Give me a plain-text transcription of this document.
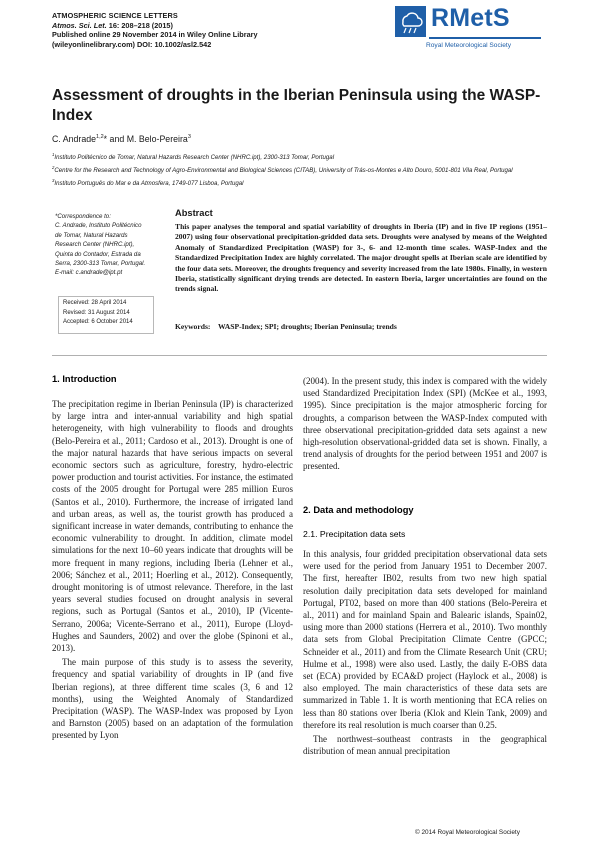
ATMOSPHERIC SCIENCE LETTERS
Atmos. Sci. Let. 16: 208–218 (2015)
Published online 29 November 2014 in Wiley Online Library
(wileyonlinelibrary.com) DOI: 10.1002/asl2.542
RMetS
Royal Meteorological Society
Assessment of droughts in the Iberian Peninsula using the WASP-Index
C. Andrade$^{1,2}$* and M. Belo-Pereira$^3$
$^1$Instituto Politécnico de Tomar, Natural Hazards Research Center (NHRC.ipt), 2300-313 Tomar, Portugal
$^2$Centre for the Research and Technology of Agro-Environmental and Biological Sciences (CITAB), University of Trás-os-Montes e Alto Douro, 5001-801 Vila Real, Portugal
$^3$Instituto Português do Mar e da Atmosfera, 1749-077 Lisboa, Portugal
*Correspondence to:
C. Andrade, Instituto Politécnico
de Tomar, Natural Hazards
Research Center (NHRC.ipt),
Quinta do Contador, Estrada da
Serra, 2300-313 Tomar, Portugal.
E-mail: c.andrade@ipt.pt
Received: 28 April 2014
Revised: 31 August 2014
Accepted: 6 October 2014
Abstract
This paper analyses the temporal and spatial variability of droughts in Iberia (IP) and in five IP regions (1951–2007) using four observational precipitation-gridded data sets. Droughts were analysed by means of the Weighted Anomaly of Standardized Precipitation (WASP) for 3-, 6- and 12-month time scales. WASP-Index and the Standardized Precipitation Index are highly correlated. The major drought spells at Iberian scale are identified by the four data sets. Moreover, the droughts frequency and severity increased from the late 1980s. Finally, in western Iberia, statistically significant drying trends are detected. In eastern Iberia, larger uncertainties are found on the trends signal.
Keywords: WASP-Index; SPI; droughts; Iberian Peninsula; trends
1. Introduction

The precipitation regime in Iberian Peninsula (IP) is characterized by large intra and inter-annual variability and high spatial heterogeneity, with high vulnerability to floods and droughts (Belo-Pereira et al., 2011; Cardoso et al., 2013). Drought is one of the major natural hazards that have serious impacts on several economic sectors such as agriculture, forestry, hydro-electric power production and tourist activities. For instance, the estimated costs of the 2005 drought for Portugal were 285 million Euros (Santos et al., 2010). Furthermore, the increase of irrigated land and urban areas, as well as, the tourist growth has produced a significant increase in water demands, contributing to enhance the economic vulnerability to drought. In addition, climate model simulations for the next 10–60 years indicate that droughts will be more frequent in many regions, including Iberia (Lehner et al., 2006; Sánchez et al., 2011; Hoerling et al., 2012). Consequently, drought monitoring is of utmost relevance. Therefore, in the last years several studies focused on drought analysis in several regions, such as Portugal (Santos et al., 2010), IP (Vicente-Serrano, 2006a; Vicente-Serrano et al., 2011), Europe (Lloyd-Hughes and Saunders, 2002) and over the globe (Spinoni et al., 2013).

The main purpose of this study is to assess the severity, frequency and spatial variability of droughts in IP (and five Iberian regions), at three different time scales (3, 6 and 12 months), using the Weighted Anomaly of Standardized Precipitation (WASP). The WASP-Index was proposed by Lyon and Barnston (2005) based on an adaptation of the formulation presented by Lyon

(2004). In the present study, this index is compared with the widely used Standardized Precipitation Index (SPI) (McKee et al., 1993, 1995). Since precipitation is the major atmospheric forcing for droughts, a comparison between the WASP-Index computed with three observational precipitation-gridded data sets against a new high-resolution observational-gridded data set is shown. Finally, a trend analysis of droughts for the period between 1951 and 2007 is presented.

2. Data and methodology
2.1. Precipitation data sets

In this analysis, four gridded precipitation observational data sets were used for the period from January 1951 to December 2007. The first, hereafter IB02, results from two new high spatial resolution daily precipitation data sets developed for mainland Portugal, PT02, based on more than 400 stations (Belo-Pereira et al., 2011) and for mainland Spain and Balearic islands, Spain02, using more than 2000 stations (Herrera et al., 2010). Two monthly data sets from Global Precipitation Climate Centre (GPCC; Schneider et al., 2011) and from the Climate Research Unit (CRU; Hulme et al., 1998) were also used. Lastly, the daily E-OBS data set (ECA) provided by ECA&D project (Haylock et al., 2008) is also employed. The main characteristics of these data sets are summarized in Table 1. It is worth mentioning that ECA relies on less than 80 stations over Iberia (Klok and Klein Tank, 2009) and therefore its real resolution is much coarser than 0.25.

The northwest–southeast contrasts in the geographical distribution of mean annual precipitation

© 2014 Royal Meteorological Society
